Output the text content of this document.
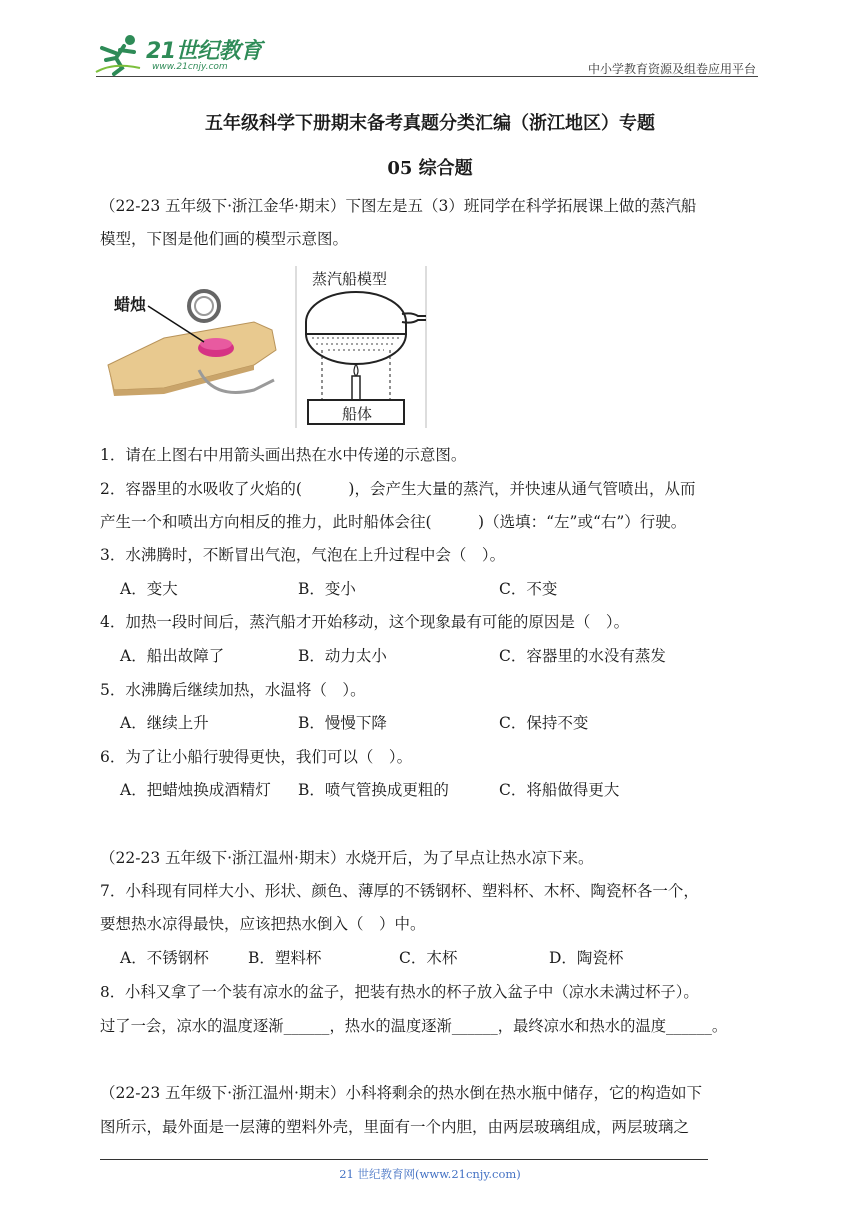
21世纪教育
www.21cnjy.com	中小学教育资源及组卷应用平台
五年级科学下册期末备考真题分类汇编（浙江地区）专题
05 综合题
（22-23 五年级下·浙江金华·期末）下图左是五（3）班同学在科学拓展课上做的蒸汽船
模型，下图是他们画的模型示意图。
蜡烛
蒸汽船模型
船体
1．请在上图右中用箭头画出热在水中传递的示意图。
2．容器里的水吸收了火焰的(　　　)，会产生大量的蒸汽，并快速从通气管喷出，从而
产生一个和喷出方向相反的推力，此时船体会往(　　　)（选填：“左”或“右”）行驶。
3．水沸腾时，不断冒出气泡，气泡在上升过程中会（　）。
A．变大	B．变小	C．不变
4．加热一段时间后，蒸汽船才开始移动，这个现象最有可能的原因是（　）。
A．船出故障了	B．动力太小	C．容器里的水没有蒸发
5．水沸腾后继续加热，水温将（　）。
A．继续上升	B．慢慢下降	C．保持不变
6．为了让小船行驶得更快，我们可以（　）。
A．把蜡烛换成酒精灯 B．喷气管换成更粗的	C．将船做得更大
（22-23 五年级下·浙江温州·期末）水烧开后，为了早点让热水凉下来。
7．小科现有同样大小、形状、颜色、薄厚的不锈钢杯、塑料杯、木杯、陶瓷杯各一个，
要想热水凉得最快，应该把热水倒入（　）中。
A．不锈钢杯	B．塑料杯	C．木杯	D．陶瓷杯
8．小科又拿了一个装有凉水的盆子，把装有热水的杯子放入盆子中（凉水未满过杯子）。
过了一会，凉水的温度逐渐______，热水的温度逐渐______，最终凉水和热水的温度______。
（22-23 五年级下·浙江温州·期末）小科将剩余的热水倒在热水瓶中储存，它的构造如下
图所示，最外面是一层薄的塑料外壳，里面有一个内胆，由两层玻璃组成，两层玻璃之
21 世纪教育网(www.21cnjy.com)
